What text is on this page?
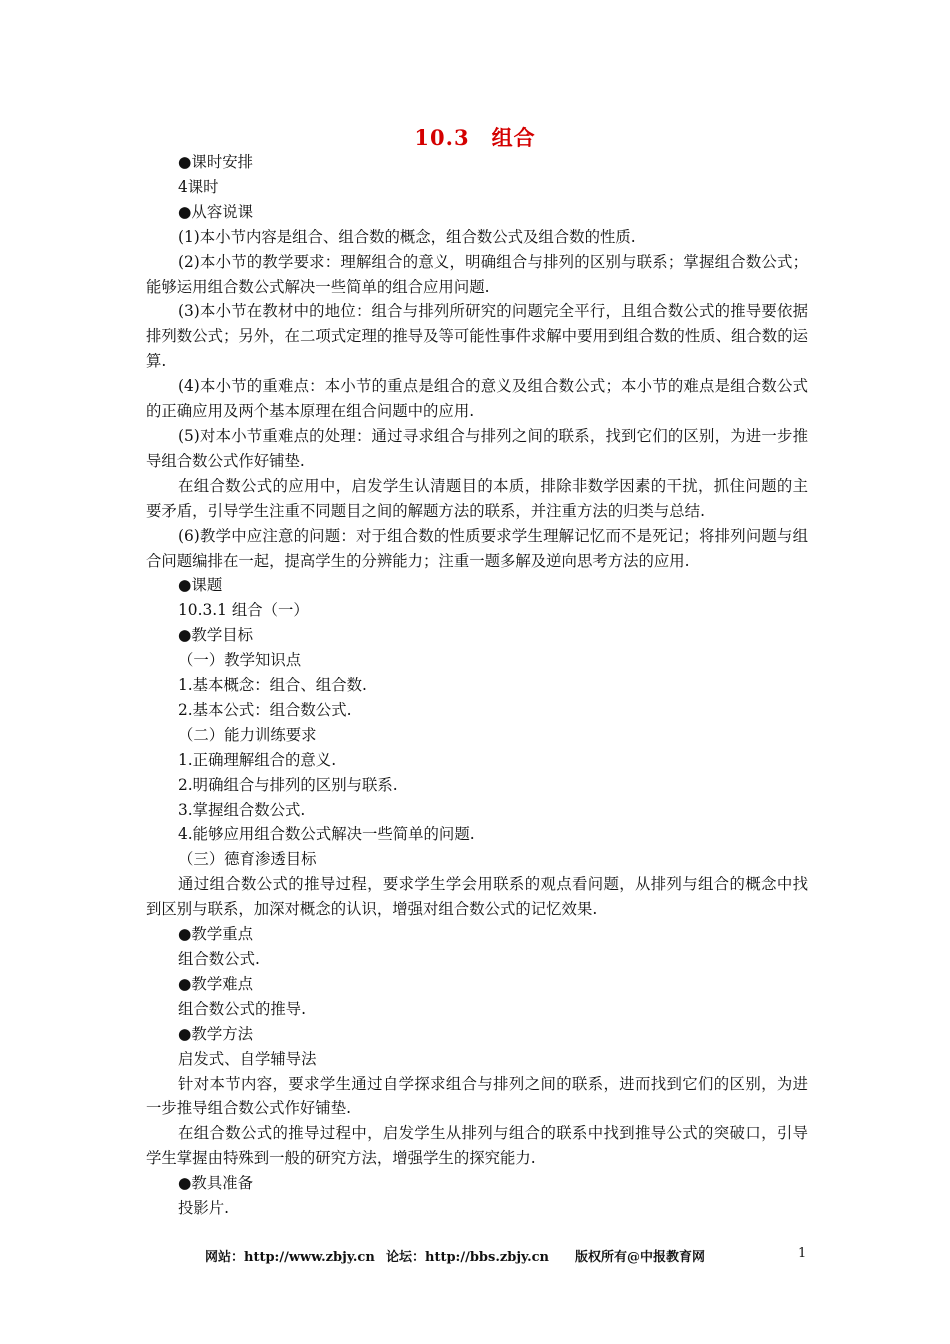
10.3　组合

●课时安排

4课时

●从容说课

(1)本小节内容是组合、组合数的概念，组合数公式及组合数的性质.

(2)本小节的教学要求：理解组合的意义，明确组合与排列的区别与联系；掌握组合数公式；能够运用组合数公式解决一些简单的组合应用问题.

(3)本小节在教材中的地位：组合与排列所研究的问题完全平行，且组合数公式的推导要依据排列数公式；另外，在二项式定理的推导及等可能性事件求解中要用到组合数的性质、组合数的运算.

(4)本小节的重难点：本小节的重点是组合的意义及组合数公式；本小节的难点是组合数公式的正确应用及两个基本原理在组合问题中的应用.

(5)对本小节重难点的处理：通过寻求组合与排列之间的联系，找到它们的区别，为进一步推导组合数公式作好铺垫.

在组合数公式的应用中，启发学生认清题目的本质，排除非数学因素的干扰，抓住问题的主要矛盾，引导学生注重不同题目之间的解题方法的联系，并注重方法的归类与总结.

(6)教学中应注意的问题：对于组合数的性质要求学生理解记忆而不是死记；将排列问题与组合问题编排在一起，提高学生的分辨能力；注重一题多解及逆向思考方法的应用.

●课题

10.3.1 组合（一）

●教学目标

（一）教学知识点

1.基本概念：组合、组合数.

2.基本公式：组合数公式.

（二）能力训练要求

1.正确理解组合的意义.

2.明确组合与排列的区别与联系.

3.掌握组合数公式.

4.能够应用组合数公式解决一些简单的问题.

（三）德育渗透目标

通过组合数公式的推导过程，要求学生学会用联系的观点看问题，从排列与组合的概念中找到区别与联系，加深对概念的认识，增强对组合数公式的记忆效果.

●教学重点

组合数公式.

●教学难点

组合数公式的推导.

●教学方法

启发式、自学辅导法

针对本节内容，要求学生通过自学探求组合与排列之间的联系，进而找到它们的区别，为进一步推导组合数公式作好铺垫.

在组合数公式的推导过程中，启发学生从排列与组合的联系中找到推导公式的突破口，引导学生掌握由特殊到一般的研究方法，增强学生的探究能力.

●教具准备

投影片.

网站：http://www.zbjy.cn 论坛：http://bbs.zbjy.cn 版权所有@中报教育网	1
